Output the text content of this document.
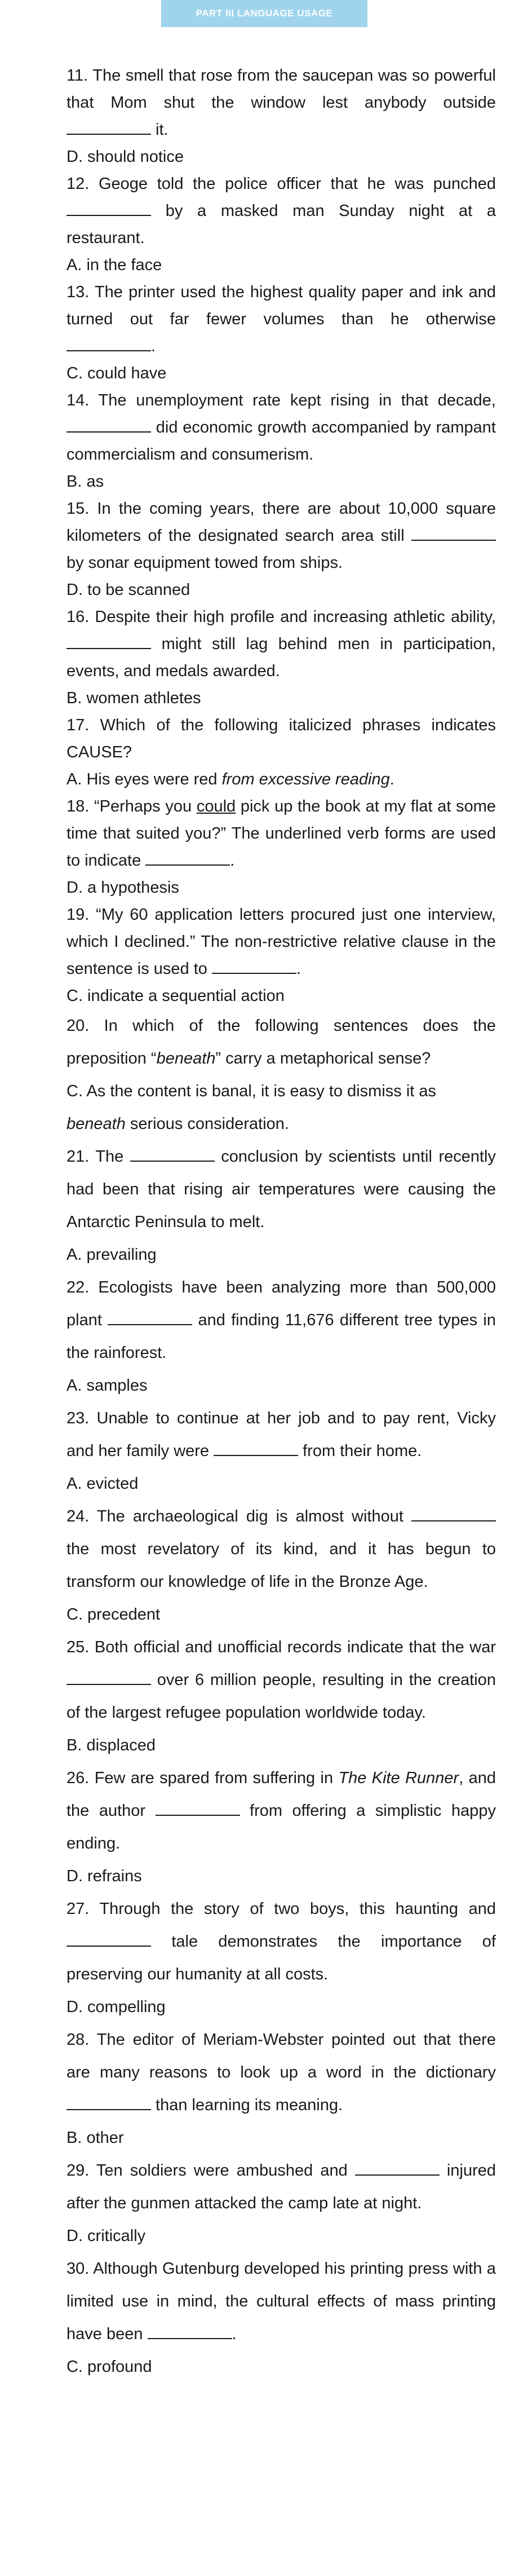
PART III LANGUAGE USAGE

11. The smell that rose from the saucepan was so powerful that Mom shut the window lest anybody outside  it.

D. should notice

12. Geoge told the police officer that he was punched  by a masked man Sunday night at a restaurant.

A. in the face

13. The printer used the highest quality paper and ink and turned out far fewer volumes than he otherwise .

C. could have

14. The unemployment rate kept rising in that decade,  did economic growth accompanied by rampant commercialism and consumerism.

B. as

15. In the coming years, there are about 10,000 square kilometers of the designated search area still  by sonar equipment towed from ships.

D. to be scanned

16. Despite their high profile and increasing athletic ability,  might still lag behind men in participation, events, and medals awarded.

B. women athletes

17. Which of the following italicized phrases indicates CAUSE?

A. His eyes were red from excessive reading.

18. “Perhaps you could pick up the book at my flat at some time that suited you?” The underlined verb forms are used to indicate	.

D. a hypothesis

19. “My 60 application letters procured just one interview, which I declined.” The non-restrictive relative clause in the sentence is used to	.

C. indicate a sequential action

20. In which of the following sentences does the preposition “beneath” carry a metaphorical sense?

C. As the content is banal, it is easy to dismiss it as beneath serious consideration.

21. The	conclusion by scientists until recently had been that rising air temperatures were causing the Antarctic Peninsula to melt.

A. prevailing

22. Ecologists have been analyzing more than 500,000 plant	and finding 11,676 different tree types in the rainforest.

A. samples

23. Unable to continue at her job and to pay rent, Vicky and her family were	from their home.

A. evicted

24. The archaeological dig is almost without  the most revelatory of its kind, and it has begun to transform our knowledge of life in the Bronze Age.

C. precedent

25. Both official and unofficial records indicate that the war  over 6 million people, resulting in the creation of the largest refugee population worldwide today.

B. displaced

26. Few are spared from suffering in The Kite Runner, and the author	from offering a simplistic happy ending.

D. refrains

27. Through the story of two boys, this haunting and  tale demonstrates the importance of preserving our humanity at all costs.

D. compelling

28. The editor of Meriam-Webster pointed out that there are many reasons to look up a word in the dictionary  than learning its meaning.

B. other

29. Ten soldiers were ambushed and	injured after the gunmen attacked the camp late at night.

D. critically

30. Although Gutenburg developed his printing press with a limited use in mind, the cultural effects of mass printing have been	.

C. profound
